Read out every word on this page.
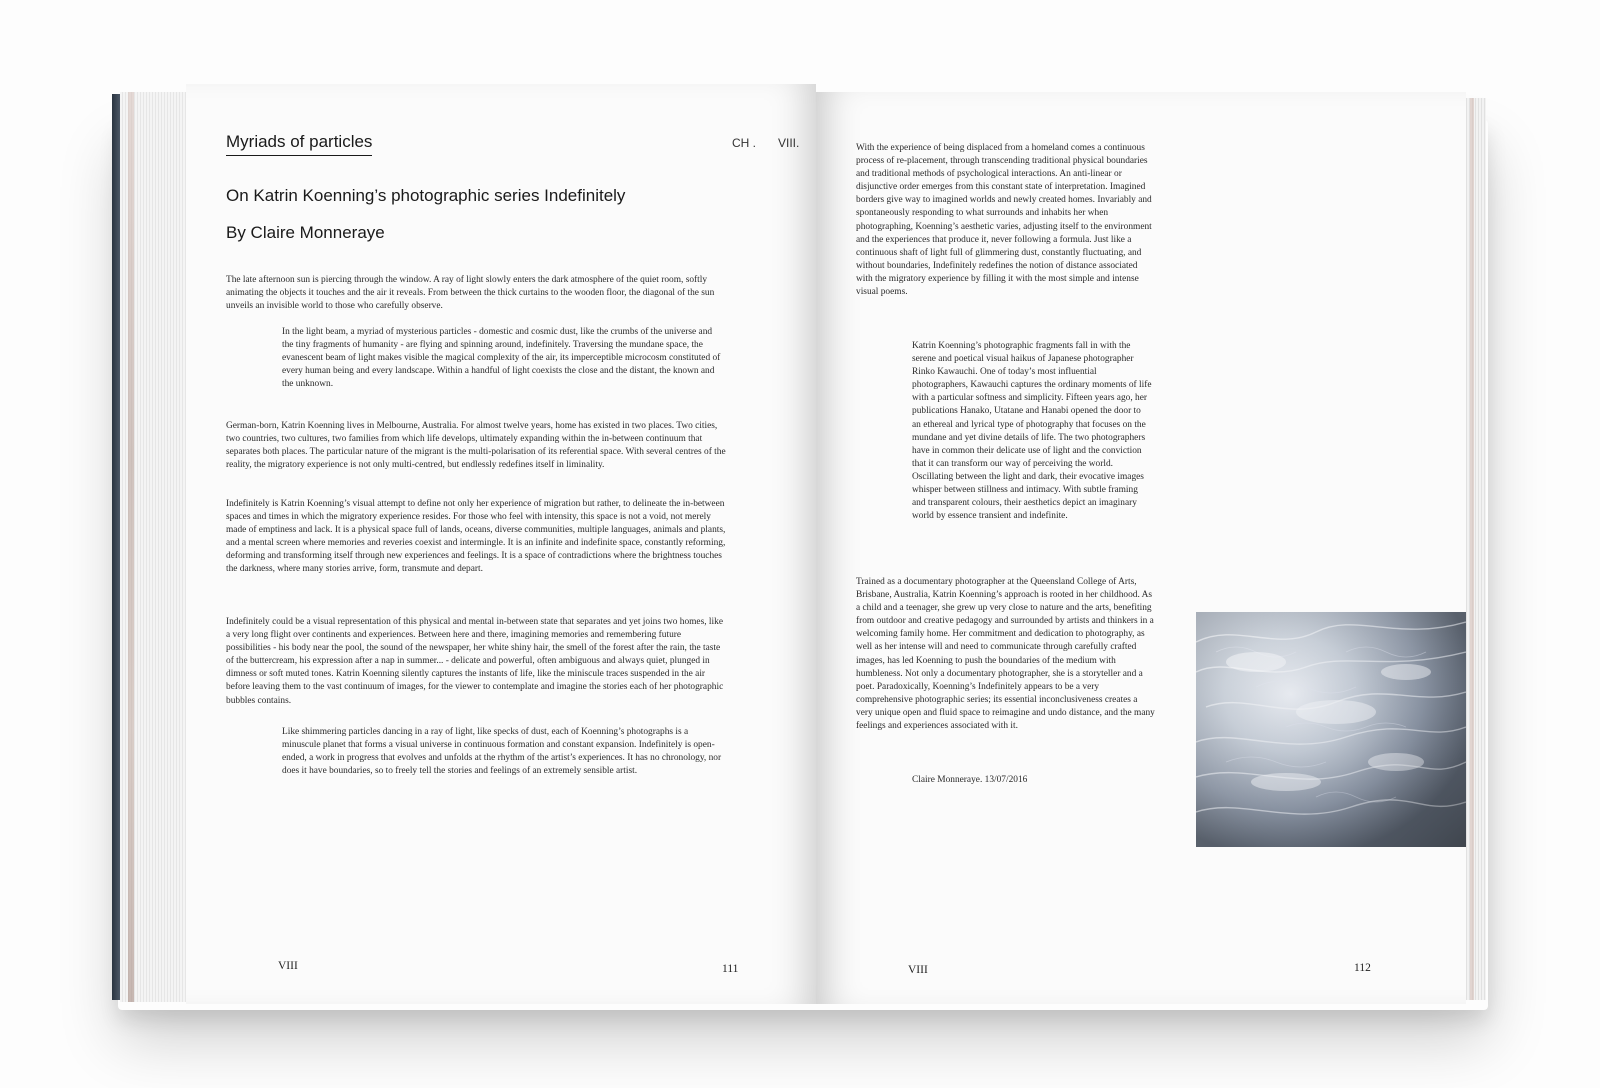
Myriads of particles	CH . VIII.
On Katrin Koenning’s photographic series Indefinitely
By Claire Monneraye

The late afternoon sun is piercing through the window. A ray of light slowly enters the dark atmosphere of the quiet room, softly animating the objects it touches and the air it reveals. From between the thick curtains to the wooden floor, the diagonal of the sun unveils an invisible world to those who carefully observe.

In the light beam, a myriad of mysterious particles - domestic and cosmic dust, like the crumbs of the universe and the tiny fragments of humanity - are flying and spinning around, indefinitely. Traversing the mundane space, the evanescent beam of light makes visible the magical complexity of the air, its imperceptible microcosm constituted of every human being and every landscape. Within a handful of light coexists the close and the distant, the known and the unknown.

German-born, Katrin Koenning lives in Melbourne, Australia. For almost twelve years, home has existed in two places. Two cities, two countries, two cultures, two families from which life develops, ultimately expanding within the in-between continuum that separates both places. The particular nature of the migrant is the multi-polarisation of its referential space. With several centres of the reality, the migratory experience is not only multi-centred, but endlessly redefines itself in liminality.

Indefinitely is Katrin Koenning’s visual attempt to define not only her experience of migration but rather, to delineate the in-between spaces and times in which the migratory experience resides. For those who feel with intensity, this space is not a void, not merely made of emptiness and lack. It is a physical space full of lands, oceans, diverse communities, multiple languages, animals and plants, and a mental screen where memories and reveries coexist and intermingle. It is an infinite and indefinite space, constantly reforming, deforming and transforming itself through new experiences and feelings. It is a space of contradictions where the brightness touches the darkness, where many stories arrive, form, transmute and depart.

Indefinitely could be a visual representation of this physical and mental in-between state that separates and yet joins two homes, like a very long flight over continents and experiences. Between here and there, imagining memories and remembering future possibilities - his body near the pool, the sound of the newspaper, her white shiny hair, the smell of the forest after the rain, the taste of the buttercream, his expression after a nap in summer... - delicate and powerful, often ambiguous and always quiet, plunged in dimness or soft muted tones. Katrin Koenning silently captures the instants of life, like the miniscule traces suspended in the air before leaving them to the vast continuum of images, for the viewer to contemplate and imagine the stories each of her photographic bubbles contains.

Like shimmering particles dancing in a ray of light, like specks of dust, each of Koenning’s photographs is a minuscule planet that forms a visual universe in continuous formation and constant expansion. Indefinitely is open-ended, a work in progress that evolves and unfolds at the rhythm of the artist’s experiences. It has no chronology, nor does it have boundaries, so to freely tell the stories and feelings of an extremely sensible artist.

VIII	111

With the experience of being displaced from a homeland comes a continuous process of re-placement, through transcending traditional physical boundaries and traditional methods of psychological interactions. An anti-linear or disjunctive order emerges from this constant state of interpretation. Imagined borders give way to imagined worlds and newly created homes. Invariably and spontaneously responding to what surrounds and inhabits her when photographing, Koenning’s aesthetic varies, adjusting itself to the environment and the experiences that produce it, never following a formula. Just like a continuous shaft of light full of glimmering dust, constantly fluctuating, and without boundaries, Indefinitely redefines the notion of distance associated with the migratory experience by filling it with the most simple and intense visual poems.

Katrin Koenning’s photographic fragments fall in with the serene and poetical visual haikus of Japanese photographer Rinko Kawauchi. One of today’s most influential photographers, Kawauchi captures the ordinary moments of life with a particular softness and simplicity. Fifteen years ago, her publications Hanako, Utatane and Hanabi opened the door to an ethereal and lyrical type of photography that focuses on the mundane and yet divine details of life. The two photographers have in common their delicate use of light and the conviction that it can transform our way of perceiving the world. Oscillating between the light and dark, their evocative images whisper between stillness and intimacy. With subtle framing and transparent colours, their aesthetics depict an imaginary world by essence transient and indefinite.

Trained as a documentary photographer at the Queensland College of Arts, Brisbane, Australia, Katrin Koenning’s approach is rooted in her childhood. As a child and a teenager, she grew up very close to nature and the arts, benefiting from outdoor and creative pedagogy and surrounded by artists and thinkers in a welcoming family home. Her commitment and dedication to photography, as well as her intense will and need to communicate through carefully crafted images, has led Koenning to push the boundaries of the medium with humbleness. Not only a documentary photographer, she is a storyteller and a poet. Paradoxically, Koenning’s Indefinitely appears to be a very comprehensive photographic series; its essential inconclusiveness creates a very unique open and fluid space to reimagine and undo distance, and the many feelings and experiences associated with it.

Claire Monneraye. 13/07/2016

VIII	112
